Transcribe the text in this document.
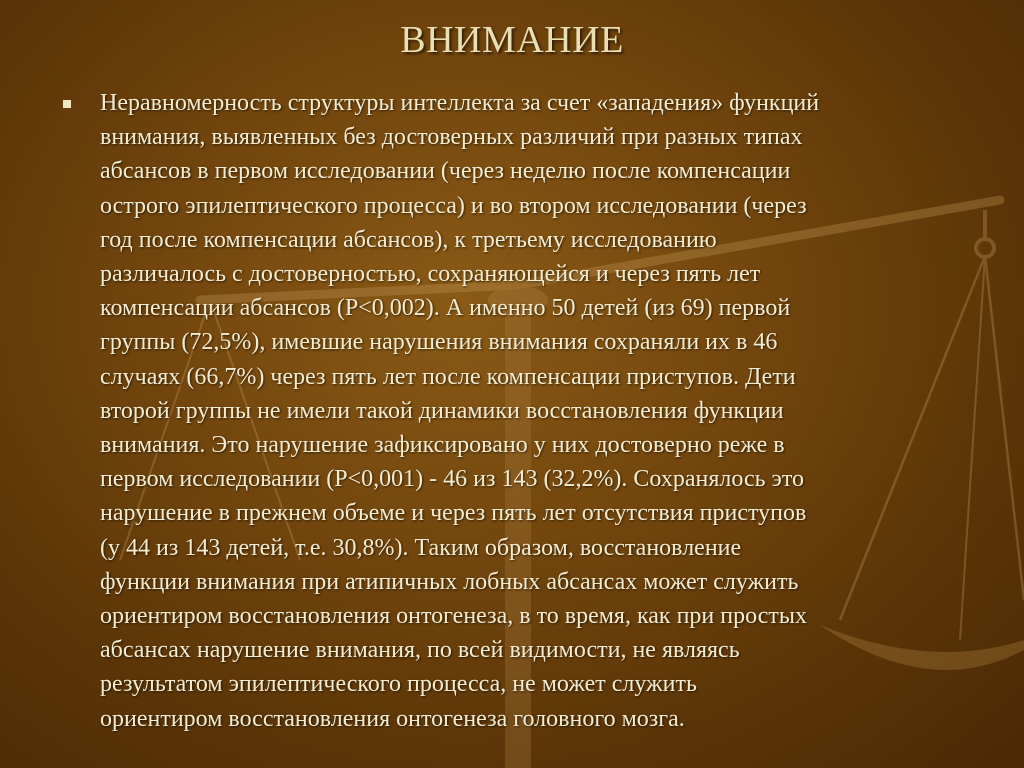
ВНИМАНИЕ
Неравномерность структуры интеллекта за счет «западения» функций
внимания, выявленных без достоверных различий при разных типах
абсансов в первом исследовании (через неделю после компенсации
острого эпилептического процесса) и во втором исследовании (через
год после компенсации абсансов), к третьему исследованию
различалось с достоверностью, сохраняющейся и через пять лет
компенсации абсансов (P<0,002). А именно 50 детей (из 69) первой
группы (72,5%), имевшие нарушения внимания сохраняли их в 46
случаях (66,7%) через пять лет после компенсации приступов. Дети
второй группы не имели такой динамики восстановления функции
внимания. Это нарушение зафиксировано у них достоверно реже в
первом исследовании (P<0,001) - 46 из 143 (32,2%). Сохранялось это
нарушение в прежнем объеме и через пять лет отсутствия приступов
(у 44 из 143 детей, т.е. 30,8%). Таким образом, восстановление
функции внимания при атипичных лобных абсансах может служить
ориентиром восстановления онтогенеза, в то время, как при простых
абсансах нарушение внимания, по всей видимости, не являясь
результатом эпилептического процесса, не может служить
ориентиром восстановления онтогенеза головного мозга.
